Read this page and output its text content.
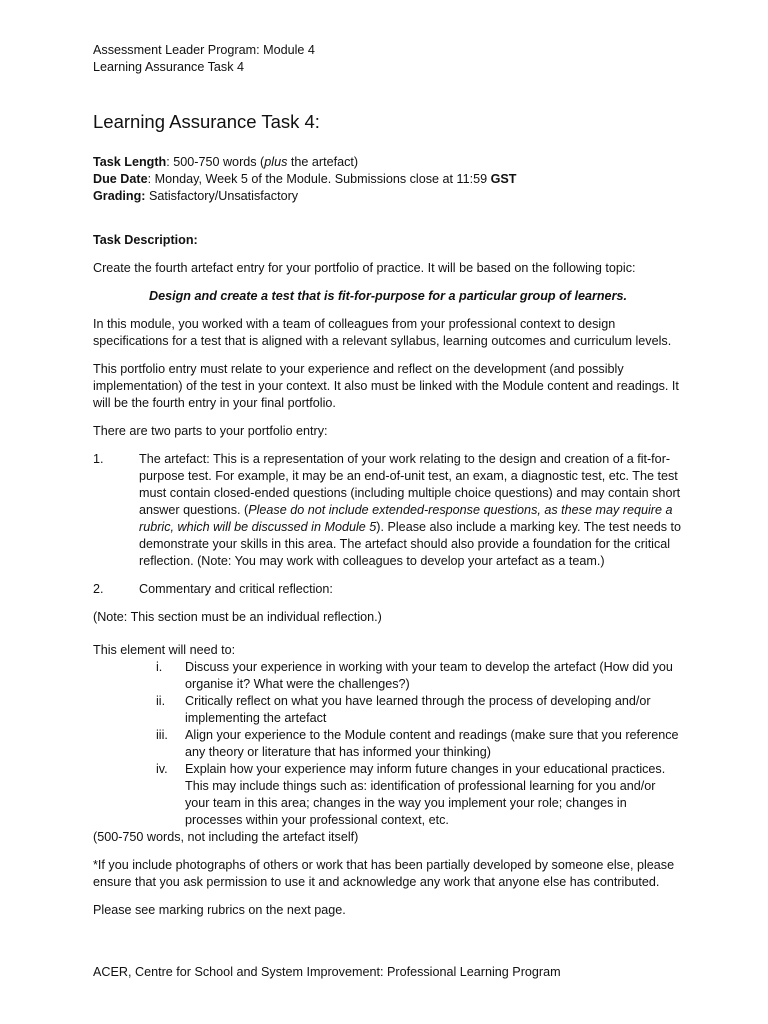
Assessment Leader Program: Module 4

Learning Assurance Task 4

Learning Assurance Task 4:

Task Length: 500-750 words (plus the artefact)

Due Date: Monday, Week 5 of the Module. Submissions close at 11:59 GST

Grading: Satisfactory/Unsatisfactory

Task Description:

Create the fourth artefact entry for your portfolio of practice. It will be based on the following topic:

Design and create a test that is fit-for-purpose for a particular group of learners.

In this module, you worked with a team of colleagues from your professional context to design specifications for a test that is aligned with a relevant syllabus, learning outcomes and curriculum levels.

This portfolio entry must relate to your experience and reflect on the development (and possibly implementation) of the test in your context. It also must be linked with the Module content and readings. It will be the fourth entry in your final portfolio.

There are two parts to your portfolio entry:

1.	The artefact: This is a representation of your work relating to the design and creation of a fit-for-purpose test. For example, it may be an end-of-unit test, an exam, a diagnostic test, etc. The test must contain closed-ended questions (including multiple choice questions) and may contain short answer questions. (Please do not include extended-response questions, as these may require a rubric, which will be discussed in Module 5). Please also include a marking key. The test needs to demonstrate your skills in this area. The artefact should also provide a foundation for the critical reflection. (Note: You may work with colleagues to develop your artefact as a team.)
2.	Commentary and critical reflection:

(Note: This section must be an individual reflection.)

This element will need to:

i.	Discuss your experience in working with your team to develop the artefact (How did you organise it? What were the challenges?)
ii.	Critically reflect on what you have learned through the process of developing and/or implementing the artefact
iii.	Align your experience to the Module content and readings (make sure that you reference any theory or literature that has informed your thinking)
iv.	Explain how your experience may inform future changes in your educational practices. This may include things such as: identification of professional learning for you and/or your team in this area; changes in the way you implement your role; changes in processes within your professional context, etc.

(500-750 words, not including the artefact itself)

*If you include photographs of others or work that has been partially developed by someone else, please ensure that you ask permission to use it and acknowledge any work that anyone else has contributed.

Please see marking rubrics on the next page.

ACER, Centre for School and System Improvement: Professional Learning Program
